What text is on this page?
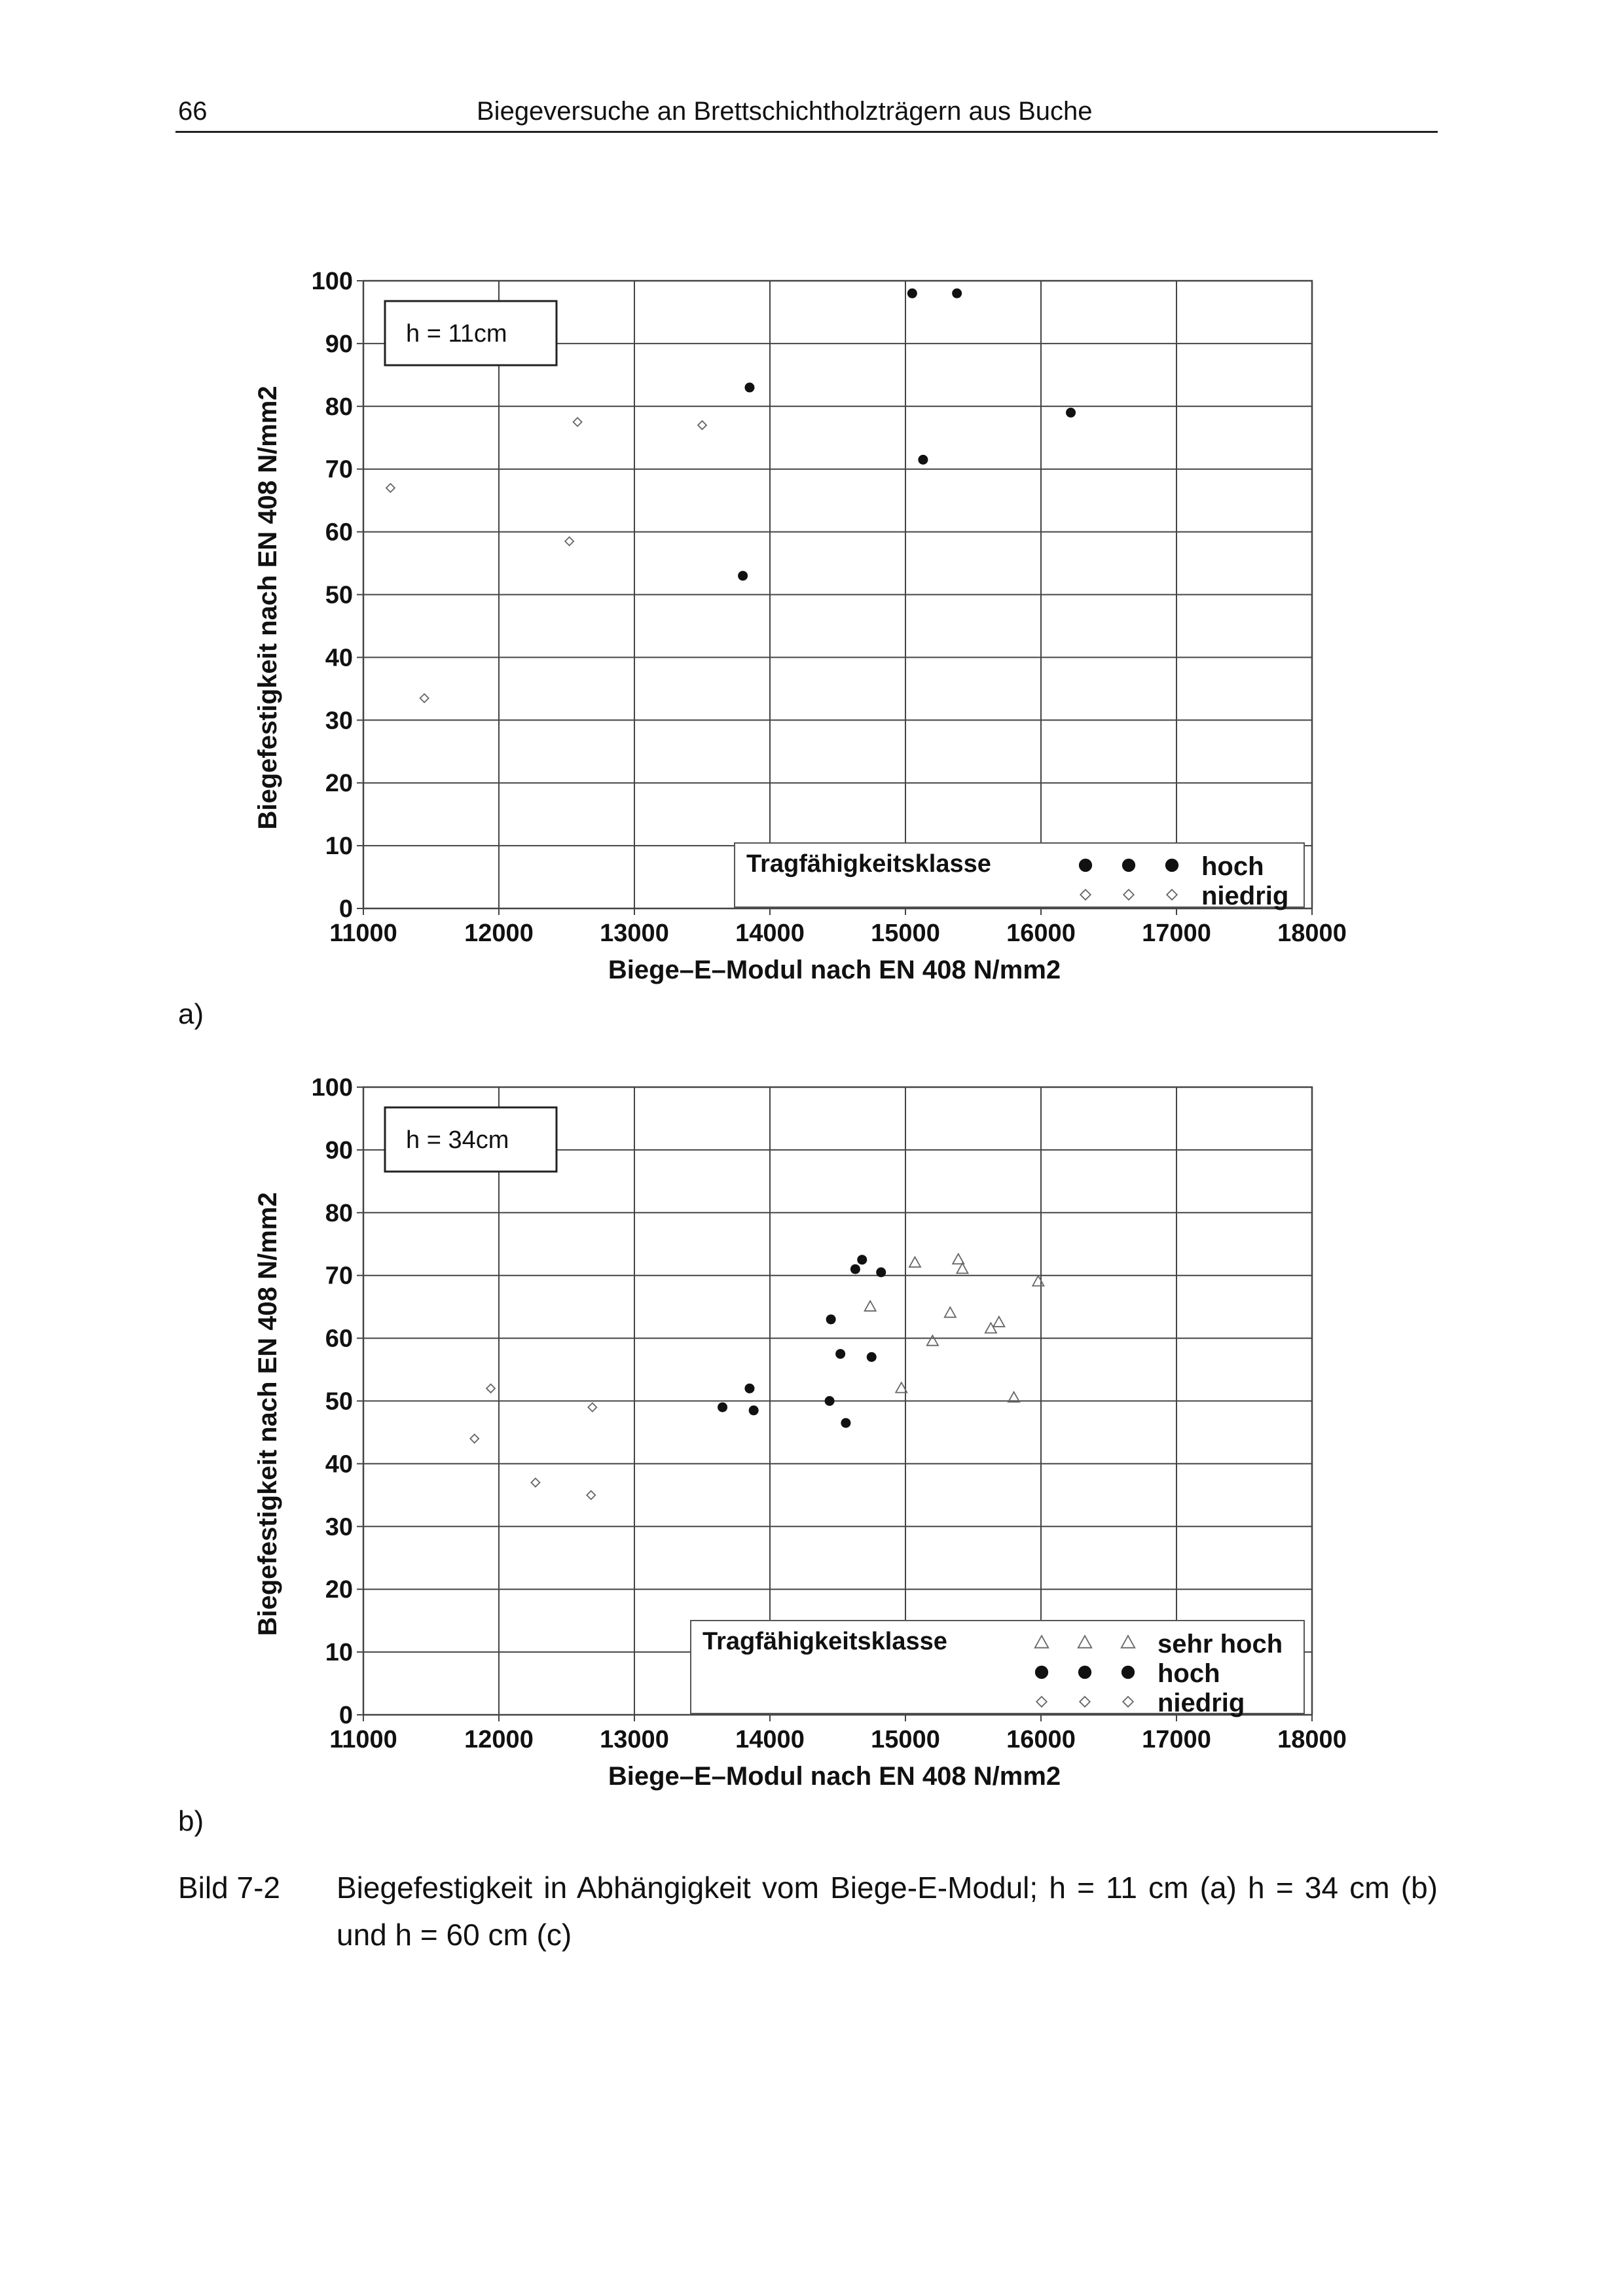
66	Biegeversuche an Brettschichtholzträgern aus Buche
11000	12000	13000	14000	15000	16000	17000	18000
0
10
20
30
40
50
60
70
80
90
100
Biege–E–Modul nach EN 408 N/mm2
Biegefestigkeit nach EN 408 N/mm2
h = 11cm
Tragfähigkeitsklasse	hoch
niedrig
a)
11000	12000	13000	14000	15000	16000	17000	18000
0
10
20
30
40
50
60
70
80
90
100
Biege–E–Modul nach EN 408 N/mm2
Biegefestigkeit nach EN 408 N/mm2
h = 34cm
Tragfähigkeitsklasse	sehr hoch
hoch
niedrig
b)
Bild 7-2 Biegefestigkeit in Abhängigkeit vom Biege-E-Modul; h = 11 cm (a) h = 34 cm (b) und h = 60 cm (c)
